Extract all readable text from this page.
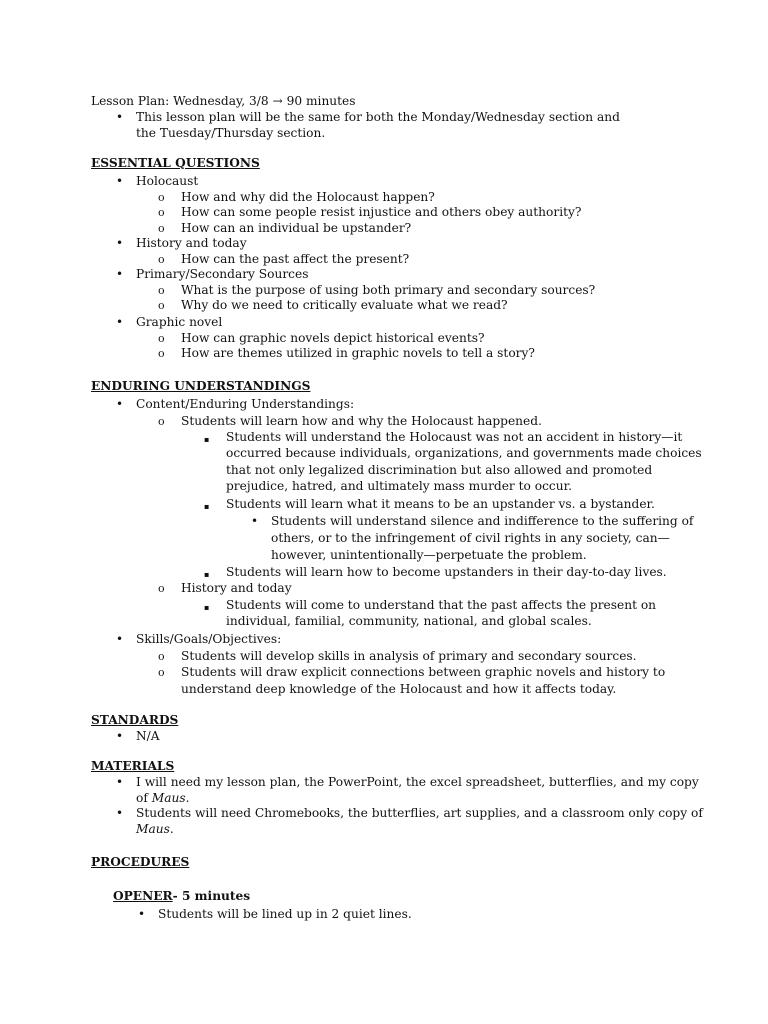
Lesson Plan: Wednesday, 3/8 → 90 minutes
• This lesson plan will be the same for both the Monday/Wednesday section and the Tuesday/Thursday section.
ESSENTIAL QUESTIONS
• Holocaust
o How and why did the Holocaust happen?
o How can some people resist injustice and others obey authority?
o How can an individual be upstander?
• History and today
o How can the past affect the present?
• Primary/Secondary Sources
o What is the purpose of using both primary and secondary sources?
o Why do we need to critically evaluate what we read?
• Graphic novel
o How can graphic novels depict historical events?
o How are themes utilized in graphic novels to tell a story?
ENDURING UNDERSTANDINGS
• Content/Enduring Understandings:
o Students will learn how and why the Holocaust happened.
▪ Students will understand the Holocaust was not an accident in history—it
occurred because individuals, organizations, and governments made choices
that not only legalized discrimination but also allowed and promoted
prejudice, hatred, and ultimately mass murder to occur.
▪ Students will learn what it means to be an upstander vs. a bystander.
• Students will understand silence and indifference to the suffering of
others, or to the infringement of civil rights in any society, can—
however, unintentionally—perpetuate the problem.
▪ Students will learn how to become upstanders in their day-to-day lives.
o History and today
▪ Students will come to understand that the past affects the present on
individual, familial, community, national, and global scales.
• Skills/Goals/Objectives:
o Students will develop skills in analysis of primary and secondary sources.
o Students will draw explicit connections between graphic novels and history to
understand deep knowledge of the Holocaust and how it affects today.
STANDARDS
• N/A
MATERIALS
• I will need my lesson plan, the PowerPoint, the excel spreadsheet, butterflies, and my copy
of Maus.
• Students will need Chromebooks, the butterflies, art supplies, and a classroom only copy of
Maus.
PROCEDURES
OPENER- 5 minutes
• Students will be lined up in 2 quiet lines.
